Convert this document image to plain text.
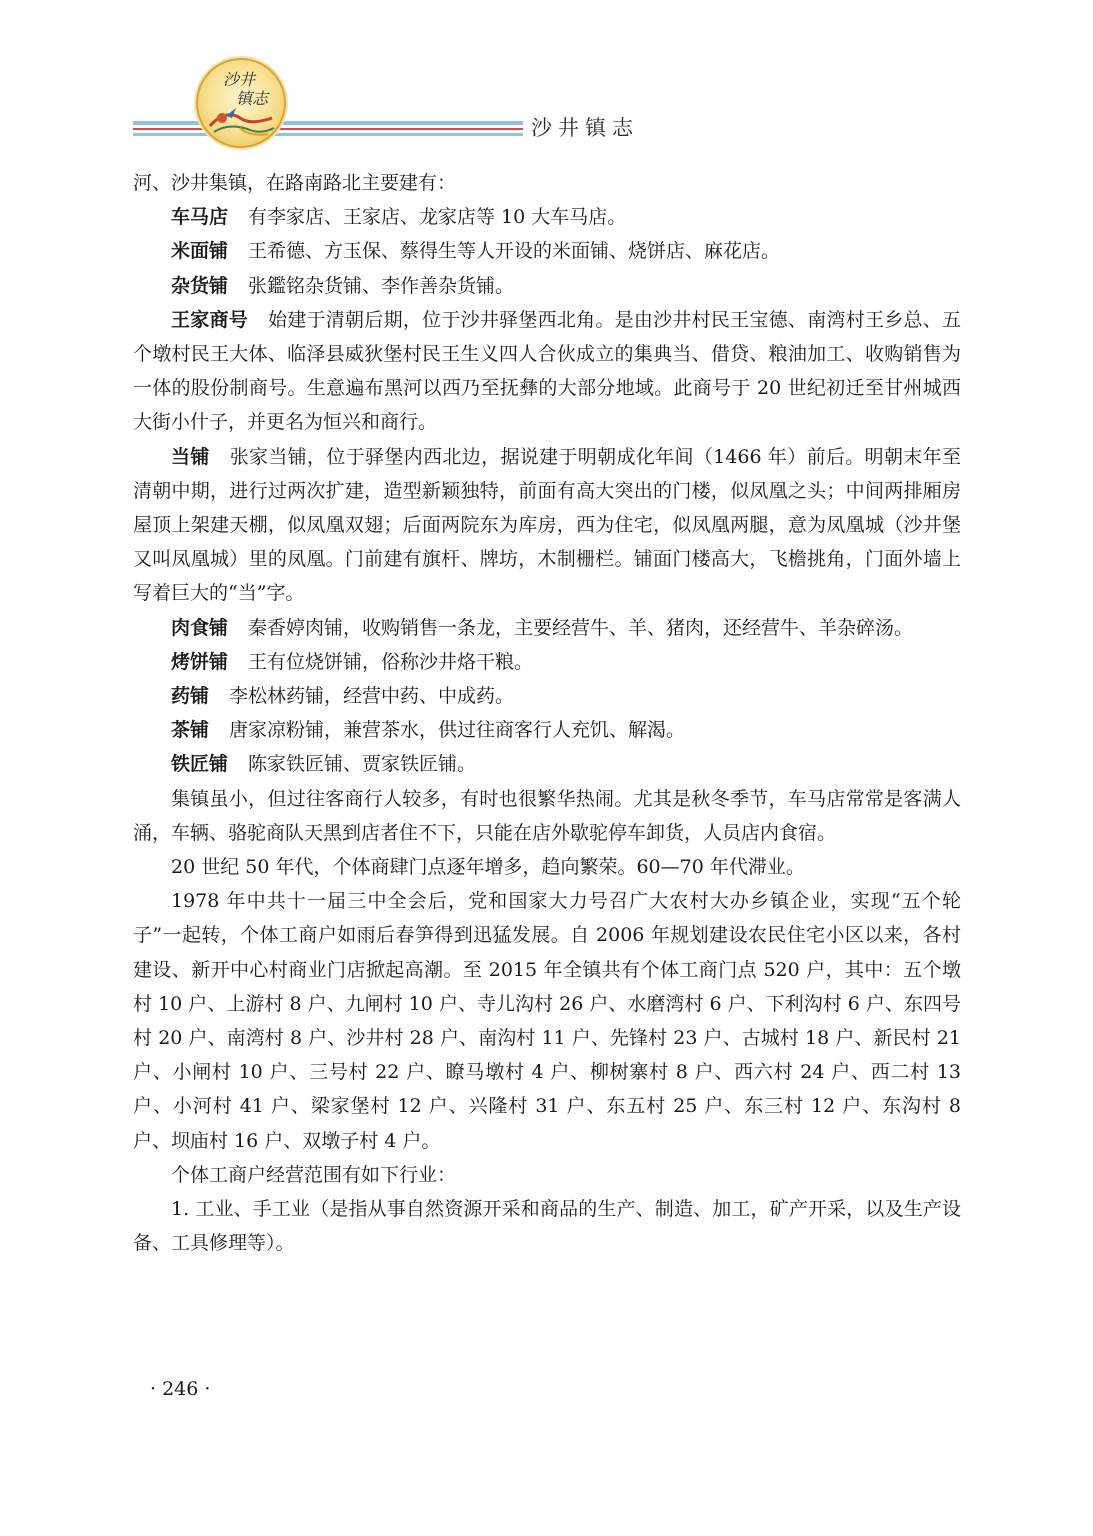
沙井
镇志
沙井镇志

河、沙井集镇，在路南路北主要建有：

车马店 有李家店、王家店、龙家店等 10 大车马店。

米面铺 王希德、方玉保、蔡得生等人开设的米面铺、烧饼店、麻花店。

杂货铺 张鑑铭杂货铺、李作善杂货铺。

王家商号 始建于清朝后期，位于沙井驿堡西北角。是由沙井村民王宝德、南湾村王乡总、五个墩村民王大体、临泽县威狄堡村民王生义四人合伙成立的集典当、借贷、粮油加工、收购销售为一体的股份制商号。生意遍布黑河以西乃至抚彝的大部分地域。此商号于 20 世纪初迁至甘州城西大街小什子，并更名为恒兴和商行。

当铺 张家当铺，位于驿堡内西北边，据说建于明朝成化年间（1466 年）前后。明朝末年至清朝中期，进行过两次扩建，造型新颖独特，前面有高大突出的门楼，似凤凰之头；中间两排厢房屋顶上架建天棚，似凤凰双翅；后面两院东为库房，西为住宅，似凤凰两腿，意为凤凰城（沙井堡又叫凤凰城）里的凤凰。门前建有旗杆、牌坊，木制栅栏。铺面门楼高大，飞檐挑角，门面外墙上写着巨大的“当”字。

肉食铺 秦香婷肉铺，收购销售一条龙，主要经营牛、羊、猪肉，还经营牛、羊杂碎汤。

烤饼铺 王有位烧饼铺，俗称沙井烙干粮。

药铺 李松林药铺，经营中药、中成药。

茶铺 唐家凉粉铺，兼营茶水，供过往商客行人充饥、解渴。

铁匠铺 陈家铁匠铺、贾家铁匠铺。

集镇虽小，但过往客商行人较多，有时也很繁华热闹。尤其是秋冬季节，车马店常常是客满人涌，车辆、骆驼商队天黑到店者住不下，只能在店外歇驼停车卸货，人员店内食宿。

20 世纪 50 年代，个体商肆门点逐年增多，趋向繁荣。60—70 年代滞业。

1978 年中共十一届三中全会后，党和国家大力号召广大农村大办乡镇企业，实现“五个轮子”一起转，个体工商户如雨后春笋得到迅猛发展。自 2006 年规划建设农民住宅小区以来，各村建设、新开中心村商业门店掀起高潮。至 2015 年全镇共有个体工商门点 520 户，其中：五个墩村 10 户、上游村 8 户、九闸村 10 户、寺儿沟村 26 户、水磨湾村 6 户、下利沟村 6 户、东四号村 20 户、南湾村 8 户、沙井村 28 户、南沟村 11 户、先锋村 23 户、古城村 18 户、新民村 21 户、小闸村 10 户、三号村 22 户、瞭马墩村 4 户、柳树寨村 8 户、西六村 24 户、西二村 13 户、小河村 41 户、梁家堡村 12 户、兴隆村 31 户、东五村 25 户、东三村 12 户、东沟村 8 户、坝庙村 16 户、双墩子村 4 户。

个体工商户经营范围有如下行业：

1. 工业、手工业（是指从事自然资源开采和商品的生产、制造、加工，矿产开采，以及生产设备、工具修理等）。

· 246 ·
